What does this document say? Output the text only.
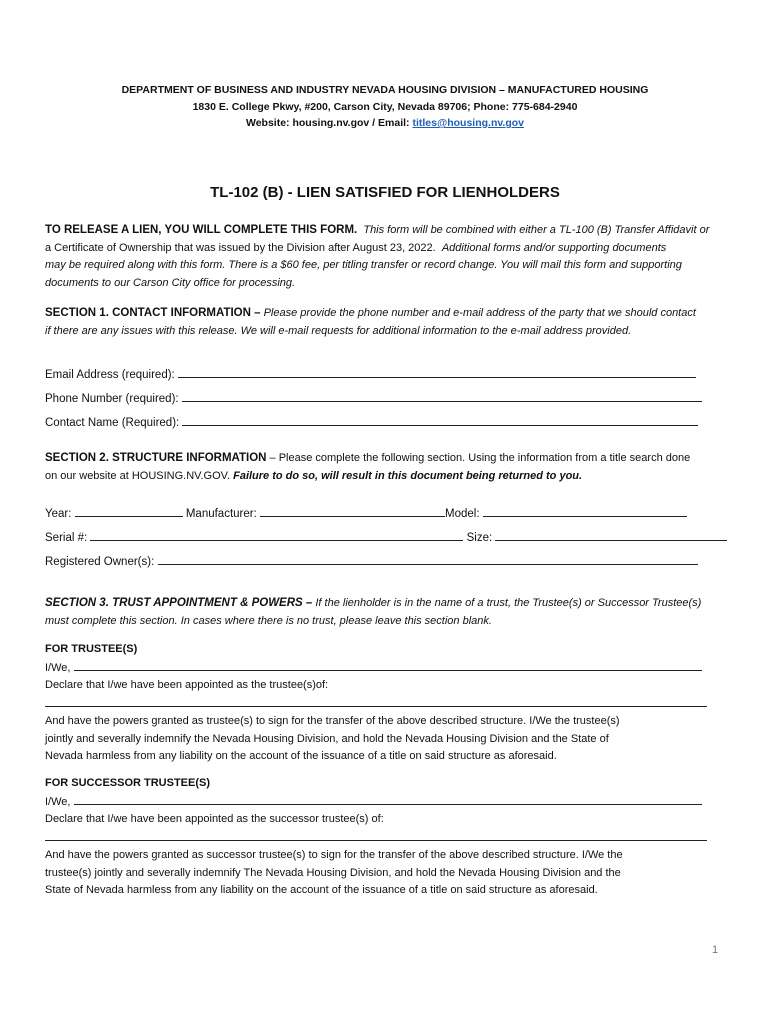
DEPARTMENT OF BUSINESS AND INDUSTRY NEVADA HOUSING DIVISION – MANUFACTURED HOUSING
1830 E. College Pkwy, #200, Carson City, Nevada 89706; Phone: 775-684-2940
Website: housing.nv.gov / Email: titles@housing.nv.gov
TL-102 (B) - LIEN SATISFIED FOR LIENHOLDERS
TO RELEASE A LIEN, YOU WILL COMPLETE THIS FORM. This form will be combined with either a TL-100 (B) Transfer Affidavit or
a Certificate of Ownership that was issued by the Division after August 23, 2022. Additional forms and/or supporting documents
may be required along with this form. There is a $60 fee, per titling transfer or record change. You will mail this form and supporting
documents to our Carson City office for processing.
SECTION 1. CONTACT INFORMATION – Please provide the phone number and e-mail address of the party that we should contact
if there are any issues with this release. We will e-mail requests for additional information to the e-mail address provided.
Email Address (required):
Phone Number (required):
Contact Name (Required):
SECTION 2. STRUCTURE INFORMATION – Please complete the following section. Using the information from a title search done
on our website at HOUSING.NV.GOV. Failure to do so, will result in this document being returned to you.
Year:	Manufacturer:	Model:
Serial #:	Size:
Registered Owner(s):
SECTION 3. TRUST APPOINTMENT & POWERS – If the lienholder is in the name of a trust, the Trustee(s) or Successor Trustee(s)
must complete this section. In cases where there is no trust, please leave this section blank.
FOR TRUSTEE(S)
I/We,
Declare that I/we have been appointed as the trustee(s)of:

And have the powers granted as trustee(s) to sign for the transfer of the above described structure. I/We the trustee(s)
jointly and severally indemnify the Nevada Housing Division, and hold the Nevada Housing Division and the State of
Nevada harmless from any liability on the account of the issuance of a title on said structure as aforesaid.
FOR SUCCESSOR TRUSTEE(S)
I/We,
Declare that I/we have been appointed as the successor trustee(s) of:

And have the powers granted as successor trustee(s) to sign for the transfer of the above described structure. I/We the
trustee(s) jointly and severally indemnify The Nevada Housing Division, and hold the Nevada Housing Division and the
State of Nevada harmless from any liability on the account of the issuance of a title on said structure as aforesaid.
1
